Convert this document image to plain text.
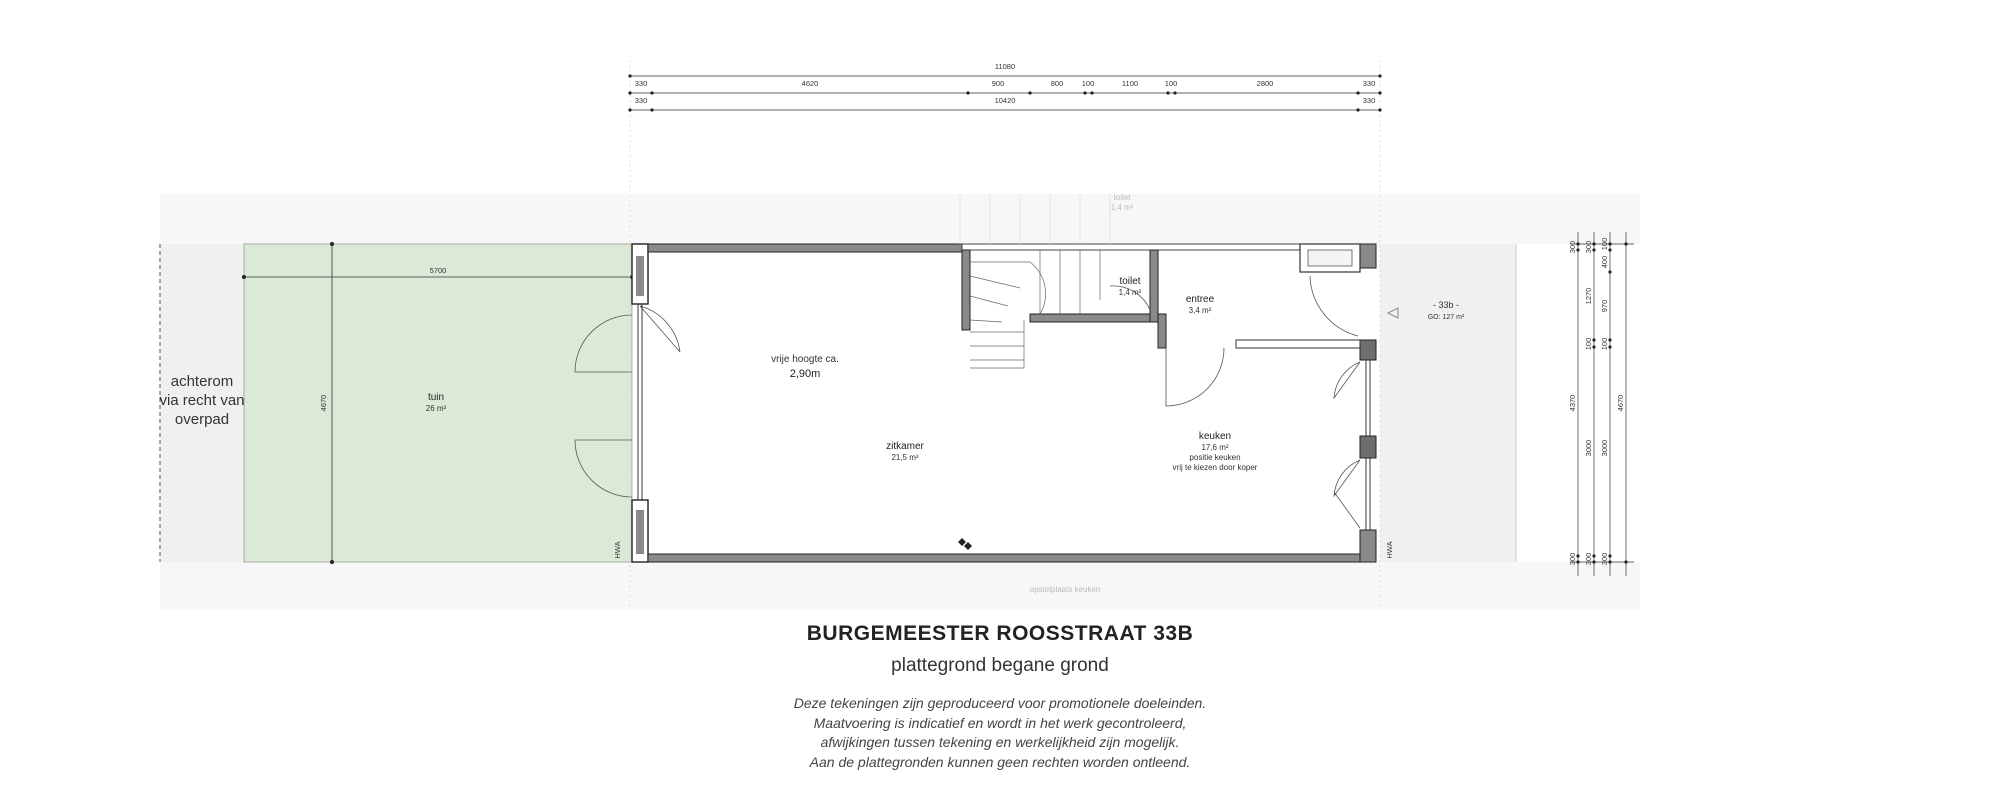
5700
4670
11080
330	4620	900	800 100	1100	100	2800	330
330	10420	330
300
4370
300
300
1270
100
3000
300
100
400
970
100
3000
300
4670
vrije hoogte ca.
2,90m
zitkamer
21,5 m²
keuken
17,6 m²
positie keuken
vrij te kiezen door koper
toilet
1,4 m²
entree
3,4 m²
tuin
26 m²
achterom
via recht van
overpad
- 33b -
GO: 127 m²
HWA	HWA
toilet
1,4 m²
opstelplaats keuken
BURGEMEESTER ROOSSTRAAT 33B
plattegrond begane grond
Deze tekeningen zijn geproduceerd voor promotionele doeleinden.
Maatvoering is indicatief en wordt in het werk gecontroleerd,
afwijkingen tussen tekening en werkelijkheid zijn mogelijk.
Aan de plattegronden kunnen geen rechten worden ontleend.
